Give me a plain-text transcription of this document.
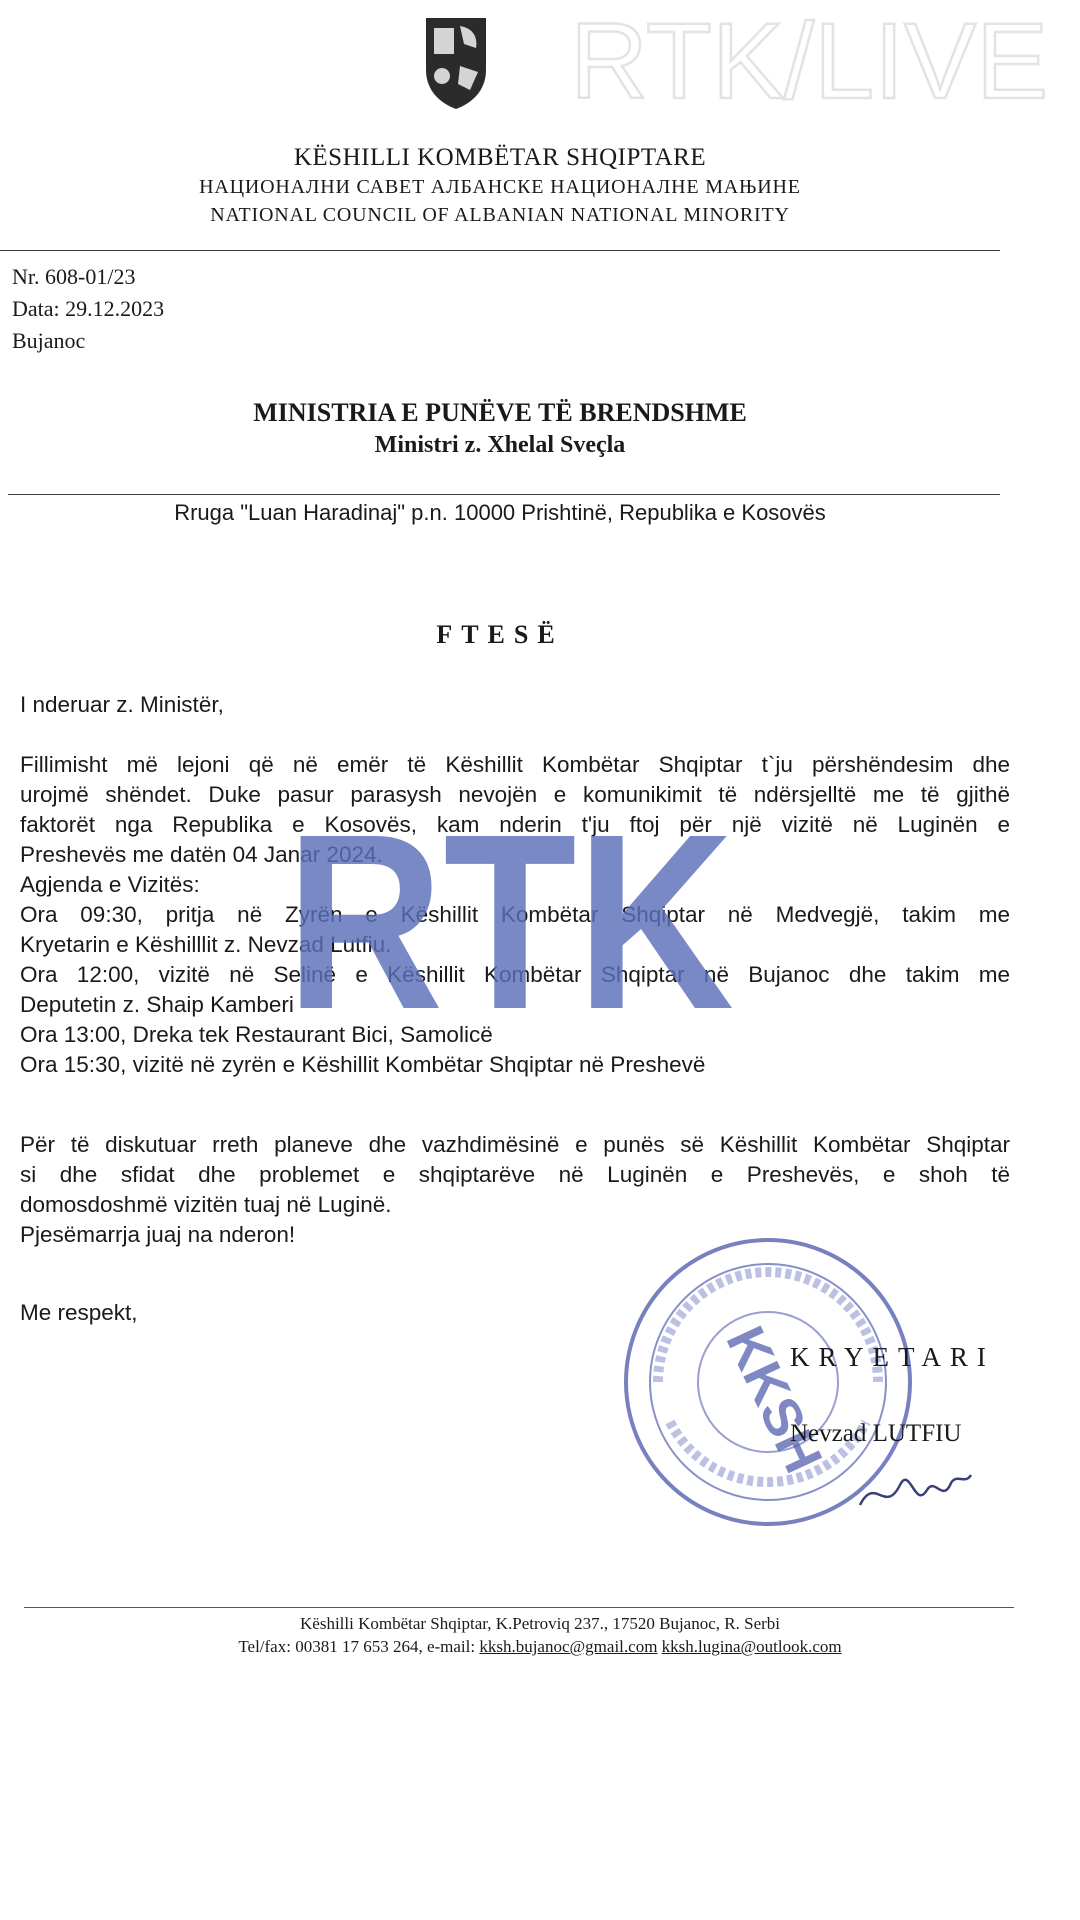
RTK/LIVE
KËSHILLI KOMBËTAR SHQIPTARE
НАЦИОНАЛНИ САВЕТ АЛБАНСКЕ НАЦИОНАЛНЕ МАЊИНЕ
NATIONAL COUNCIL OF ALBANIAN NATIONAL MINORITY
Nr. 608-01/23
Data: 29.12.2023
Bujanoc
MINISTRIA E PUNËVE TË BRENDSHME
Ministri z. Xhelal Sveçla
Rruga "Luan Haradinaj" p.n. 10000 Prishtinë, Republika e Kosovës
FTESË
I nderuar z. Ministër,
Fillimisht më lejoni që në emër të Këshillit Kombëtar Shqiptar t`ju përshëndesim dhe
urojmë shëndet. Duke pasur parasysh nevojën e komunikimit të ndërsjelltë me të gjithë
faktorët nga Republika e Kosovës, kam nderin t'ju ftoj për një vizitë në Luginën e
Preshevës me datën 04 Janar 2024.
Agjenda e Vizitës:
Ora 09:30, pritja në Zyrën e Këshillit Kombëtar Shqiptar në Medvegjë, takim me
Kryetarin e Këshilllit z. Nevzad Lutfiu.
Ora 12:00, vizitë në Selinë e Këshillit Kombëtar Shqiptar në Bujanoc dhe takim me
Deputetin z. Shaip Kamberi
Ora 13:00, Dreka tek Restaurant Bici, Samolicë
Ora 15:30, vizitë në zyrën e Këshillit Kombëtar Shqiptar në Preshevë
Për të diskutuar rreth planeve dhe vazhdimësinë e punës së Këshillit Kombëtar Shqiptar
si dhe sfidat dhe problemet e shqiptarëve në Luginën e Preshevës, e shoh të
domosdoshmë vizitën tuaj në Luginë.
Pjesëmarrja juaj na nderon!
Me respekt,
KKSH
KRYETARI
Nevzad LUTFIU
RTK
Këshilli Kombëtar Shqiptar, K.Petroviq 237., 17520 Bujanoc, R. Serbi
Tel/fax: 00381 17 653 264, e-mail: kksh.bujanoc@gmail.com kksh.lugina@outlook.com
